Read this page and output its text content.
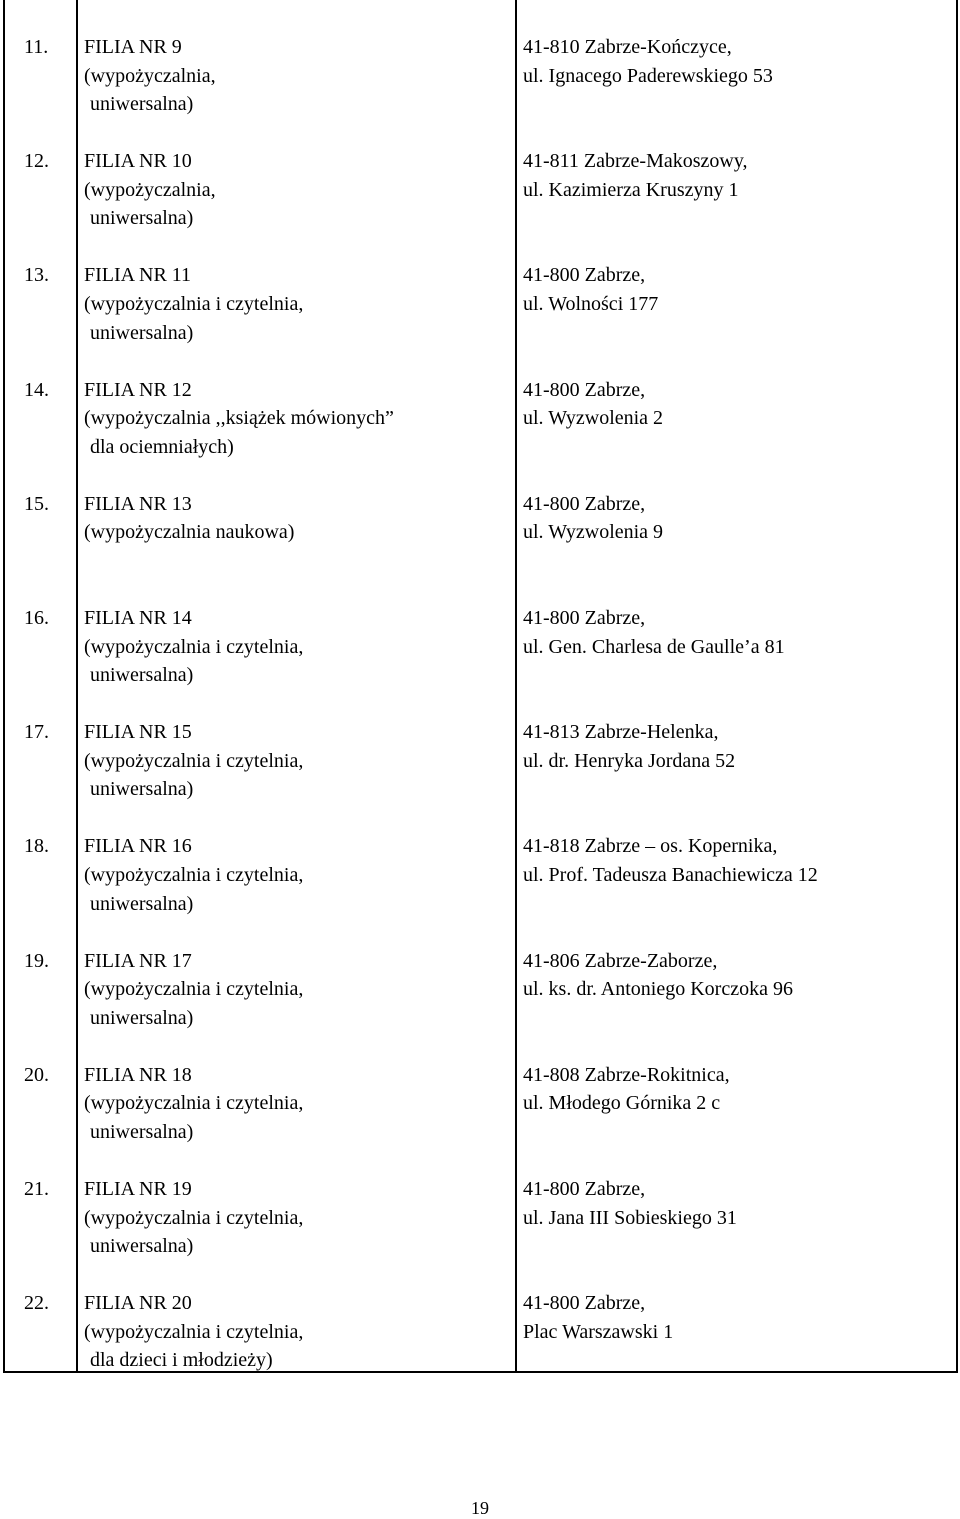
11.	FILIA NR 9
(wypożyczalnia,
uniwersalna)
41-810 Zabrze-Kończyce,
ul. Ignacego Paderewskiego 53
12.	FILIA NR 10
(wypożyczalnia,
uniwersalna)
41-811 Zabrze-Makoszowy,
ul. Kazimierza Kruszyny 1
13.	FILIA NR 11
(wypożyczalnia i czytelnia,
uniwersalna)
41-800 Zabrze,
ul. Wolności 177
14.	FILIA NR 12
(wypożyczalnia ,,książek mówionych”
dla ociemniałych)
41-800 Zabrze,
ul. Wyzwolenia 2
15.	FILIA NR 13
(wypożyczalnia naukowa)
41-800 Zabrze,
ul. Wyzwolenia 9
16.	FILIA NR 14
(wypożyczalnia i czytelnia,
uniwersalna)
41-800 Zabrze,
ul. Gen. Charlesa de Gaulle’a 81
17.	FILIA NR 15
(wypożyczalnia i czytelnia,
uniwersalna)
41-813 Zabrze-Helenka,
ul. dr. Henryka Jordana 52
18.	FILIA NR 16
(wypożyczalnia i czytelnia,
uniwersalna)
41-818 Zabrze – os. Kopernika,
ul. Prof. Tadeusza Banachiewicza 12
19.	FILIA NR 17
(wypożyczalnia i czytelnia,
uniwersalna)
41-806 Zabrze-Zaborze,
ul. ks. dr. Antoniego Korczoka 96
20.	FILIA NR 18
(wypożyczalnia i czytelnia,
uniwersalna)
41-808 Zabrze-Rokitnica,
ul. Młodego Górnika 2 c
21.	FILIA NR 19
(wypożyczalnia i czytelnia,
uniwersalna)
41-800 Zabrze,
ul. Jana III Sobieskiego 31
22.	FILIA NR 20
(wypożyczalnia i czytelnia,
dla dzieci i młodzieży)
41-800 Zabrze,
Plac Warszawski 1
19
